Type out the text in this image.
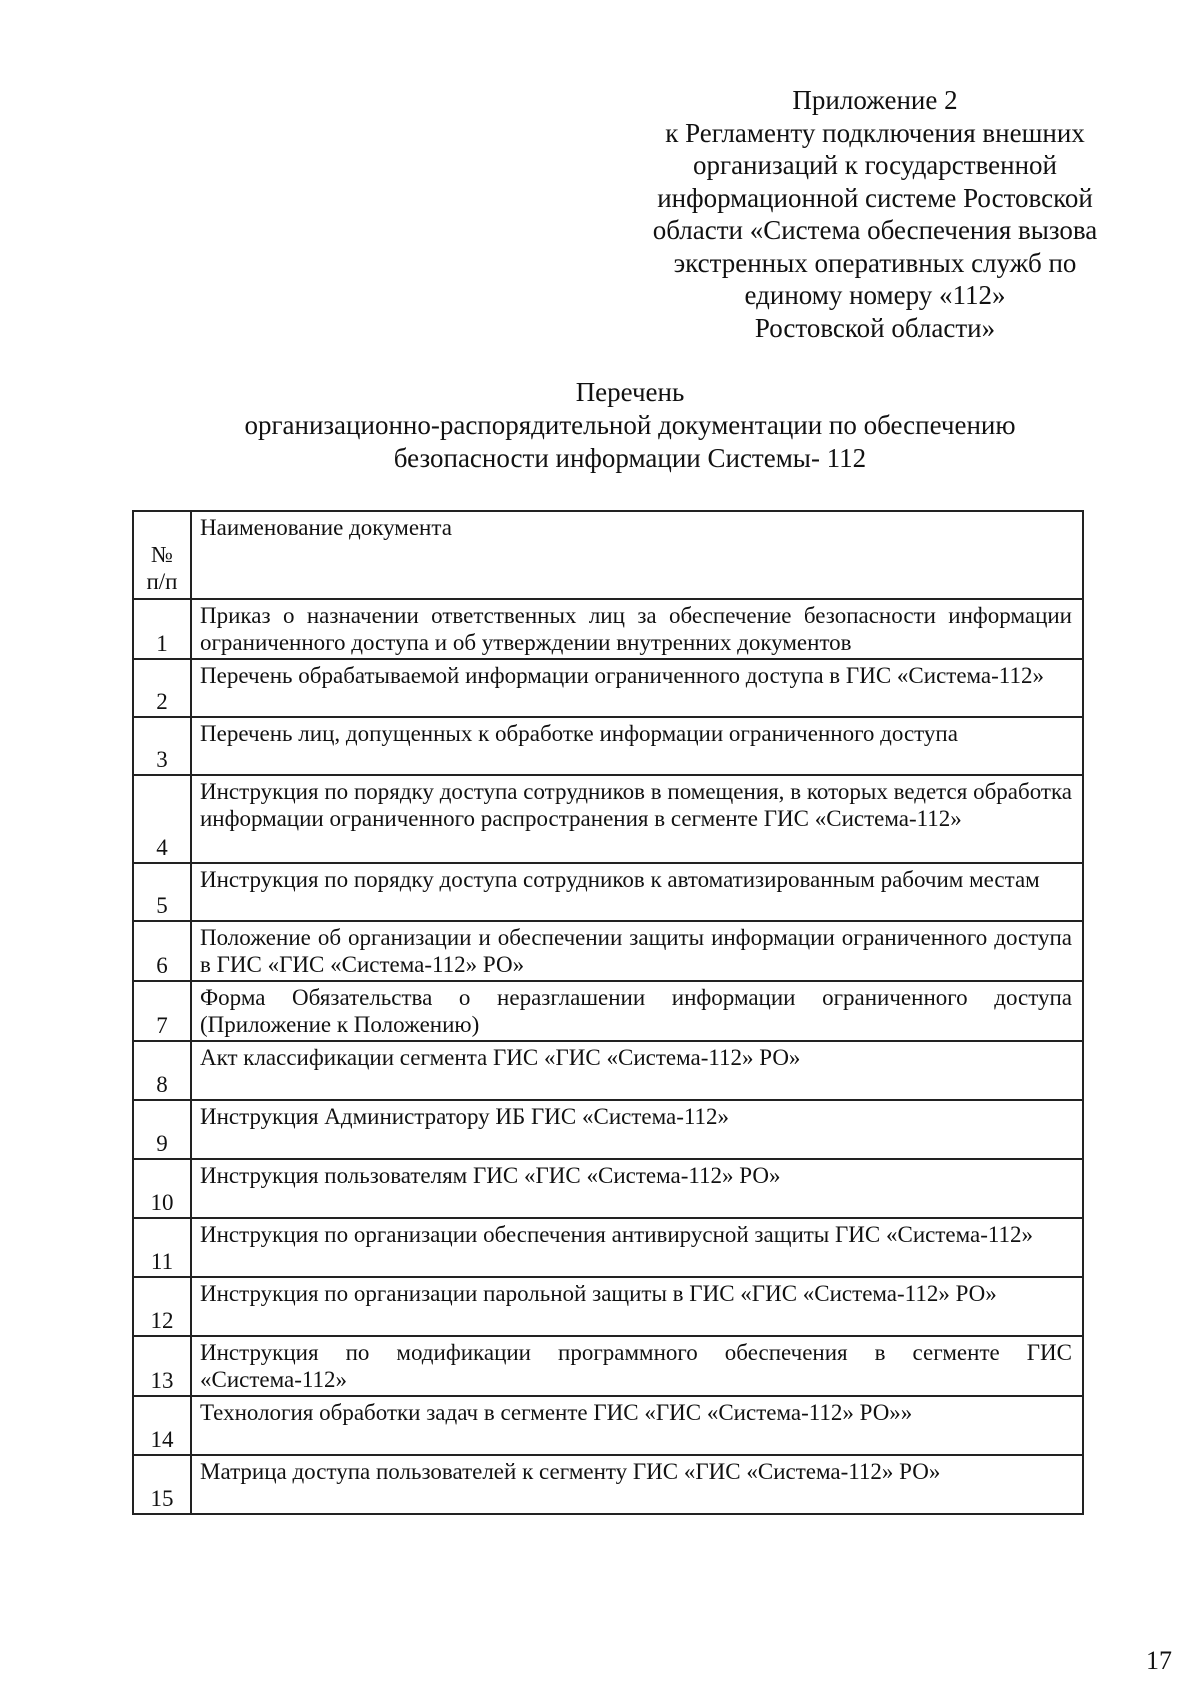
Приложение 2
к Регламенту подключения внешних
организаций к государственной
информационной системе Ростовской
области «Система обеспечения вызова
экстренных оперативных служб по
единому номеру «112»
Ростовской области»
Перечень
организационно-распорядительной документации по обеспечению
безопасности информации Системы- 112
№
п/п	Наименование документа
1	Приказ о назначении ответственных лиц за обеспечение безопасности информации ограниченного доступа и об утверждении внутренних документов
2	Перечень обрабатываемой информации ограниченного доступа в ГИС «Система-112»
3	Перечень лиц, допущенных к обработке информации ограниченного доступа
4	Инструкция по порядку доступа сотрудников в помещения, в которых ведется обработка информации ограниченного распространения в сегменте ГИС «Система-112»
5	Инструкция по порядку доступа сотрудников к автоматизированным рабочим местам
6	Положение об организации и обеспечении защиты информации ограниченного доступа в ГИС «ГИС «Система-112» РО»
7	Форма Обязательства о неразглашении информации ограниченного доступа (Приложение к Положению)
8	Акт классификации сегмента ГИС «ГИС «Система-112» РО»
9	Инструкция Администратору ИБ ГИС «Система-112»
10	Инструкция пользователям ГИС «ГИС «Система-112» РО»
11	Инструкция по организации обеспечения антивирусной защиты ГИС «Система-112»
12	Инструкция по организации парольной защиты в ГИС «ГИС «Система-112» РО»
13	Инструкция по модификации программного обеспечения в сегменте ГИС «Система-112»
14	Технология обработки задач в сегменте ГИС «ГИС «Система-112» РО»»
15	Матрица доступа пользователей к сегменту ГИС «ГИС «Система-112» РО»
17
